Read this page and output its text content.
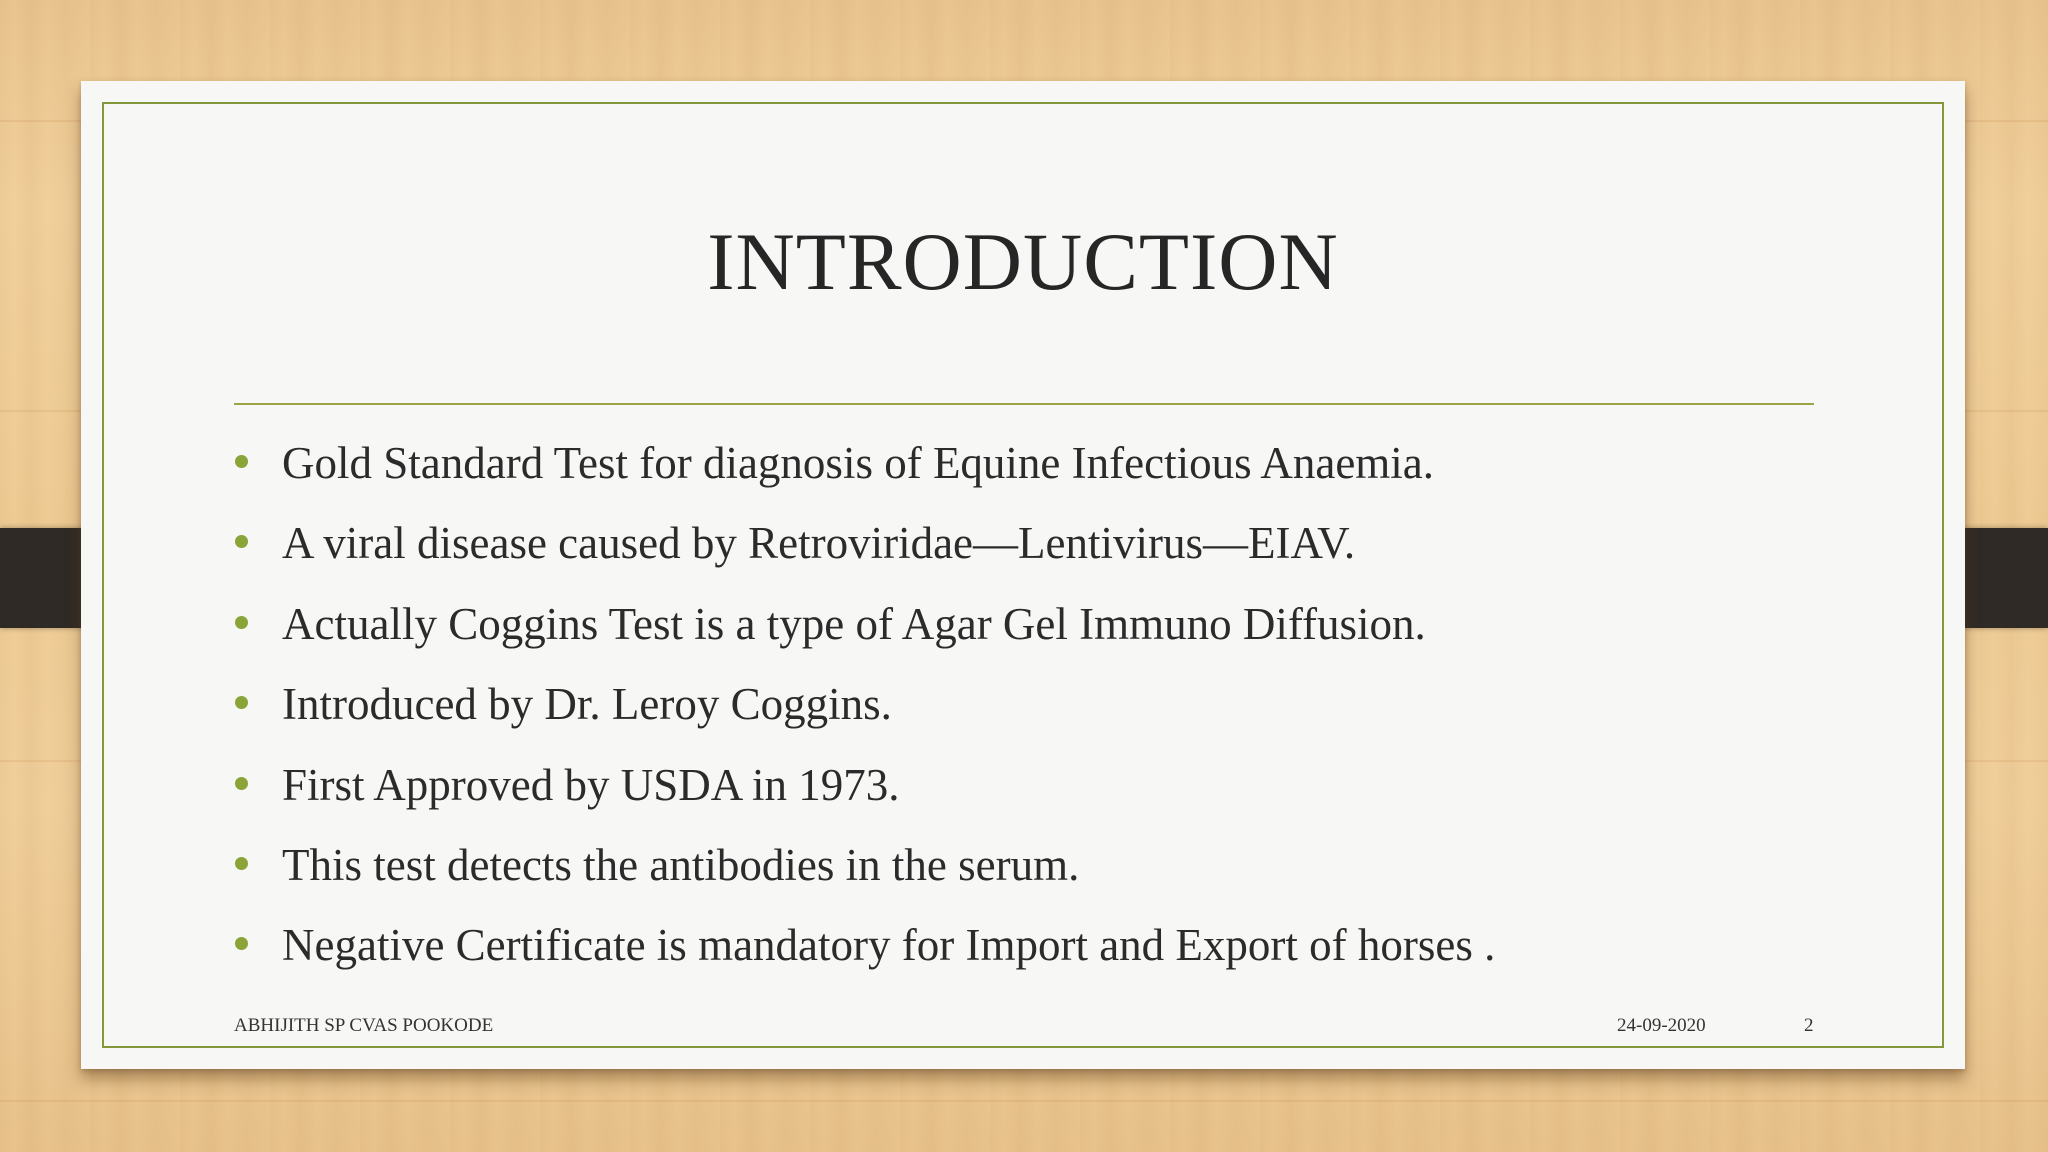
INTRODUCTION
Gold Standard Test for diagnosis of Equine Infectious Anaemia.
A viral disease caused by Retroviridae—Lentivirus—EIAV.
Actually Coggins Test is a type of Agar Gel Immuno Diffusion.
Introduced by Dr. Leroy Coggins.
First Approved by USDA in 1973.
This test detects the antibodies in the serum.
Negative Certificate is mandatory for Import and Export of horses .
ABHIJITH SP CVAS POOKODE	24-09-2020	2
